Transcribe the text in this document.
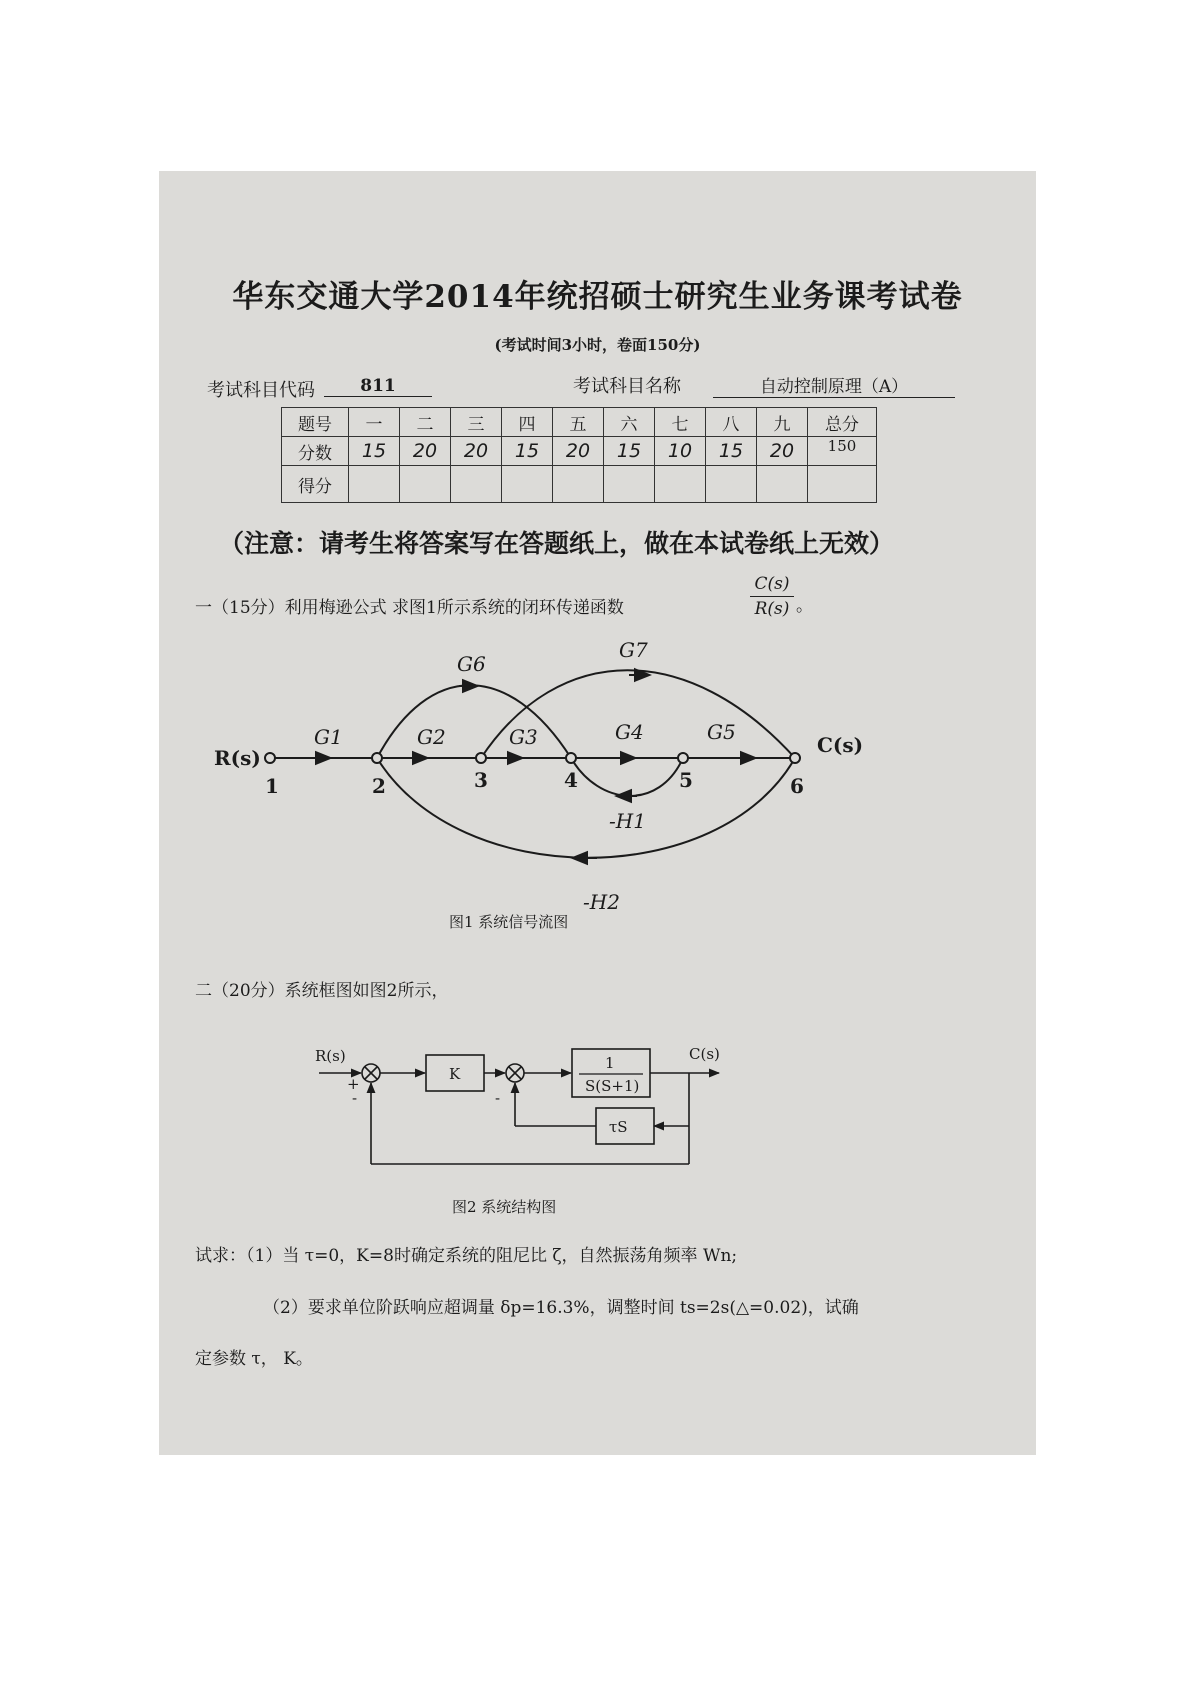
华东交通大学2014年统招硕士研究生业务课考试卷
(考试时间3小时，卷面150分)
考试科目代码	811	考试科目名称	自动控制原理（A）
题号	一	二	三	四	五	六	七	八	九	总分
分数	15	20	20	15	20	15	10	15	20	150
得分										
（注意：请考生将答案写在答题纸上，做在本试卷纸上无效）
一（15分）利用梅逊公式 求图1所示系统的闭环传递函数	$\frac{C(s)}{R(s)}$ 。
R(s)
C(s)
1	2	3	4	5	6
G1	G2	G3	G4	G5
G6
G7
-H1
-H2
图1 系统信号流图
二（20分）系统框图如图2所示，
R(s)	C(s)
K
1
S(S+1)
τS
+
-	-
图2 系统结构图
试求：（1）当 τ=0，K=8时确定系统的阻尼比 ζ，自然振荡角频率 Wn;
（2）要求单位阶跃响应超调量 δp=16.3%，调整时间 ts=2s(△=0.02)，试确
定参数 τ， K。
